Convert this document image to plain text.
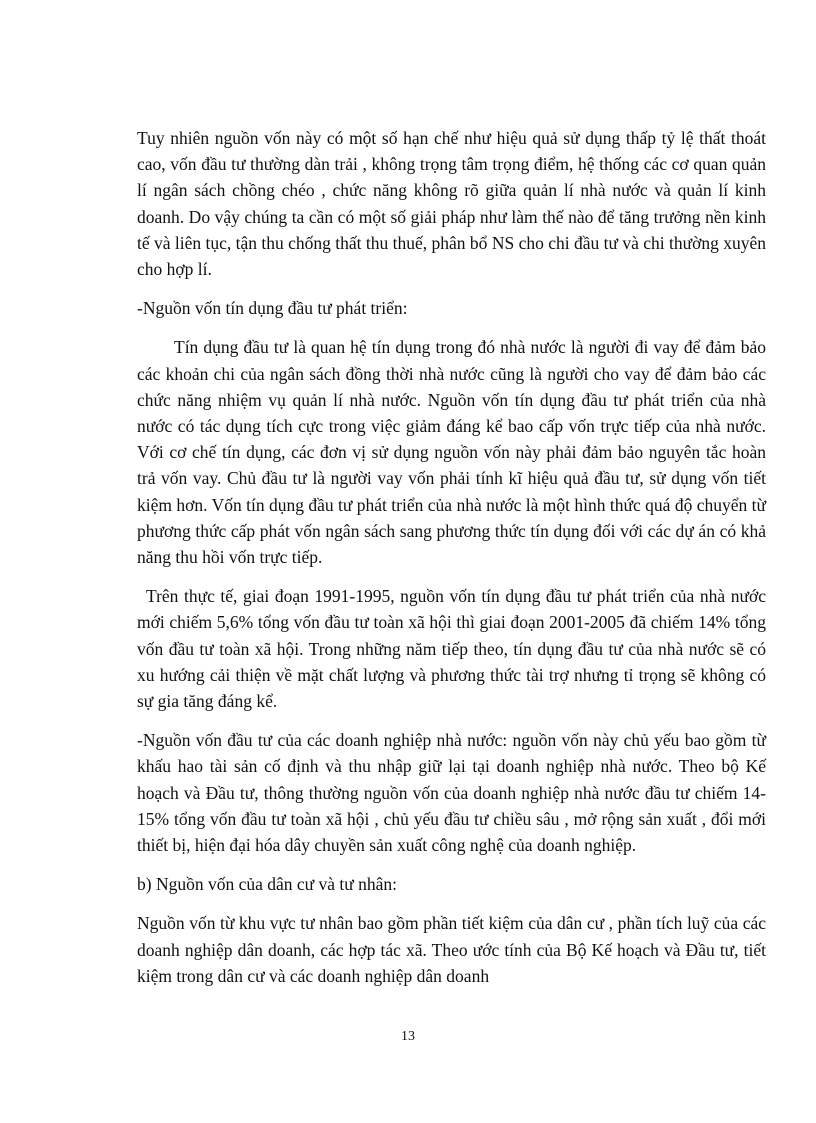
Tuy nhiên nguồn vốn này có một số hạn chế như hiệu quả sử dụng thấp tỷ lệ thất thoát cao, vốn đầu tư thường dàn trải , không trọng tâm trọng điểm, hệ thống các cơ quan quản lí ngân sách chồng chéo , chức năng không rõ giữa quản lí nhà nước và quản lí kinh doanh. Do vậy chúng ta cần có một số giải pháp như làm thế nào để tăng trưởng nền kinh tế và liên tục, tận thu chống thất thu thuế, phân bổ NS cho chi đầu tư và chi thường xuyên cho hợp lí.

-Nguồn vốn tín dụng đầu tư phát triển:

Tín dụng đầu tư là quan hệ tín dụng trong đó nhà nước là người đi vay để đảm bảo các khoản chi của ngân sách đồng thời nhà nước cũng là người cho vay để đảm bảo các chức năng nhiệm vụ quản lí nhà nước. Nguồn vốn tín dụng đầu tư phát triển của nhà nước có tác dụng tích cực trong việc giảm đáng kể bao cấp vốn trực tiếp của nhà nước. Với cơ chế tín dụng, các đơn vị sử dụng nguồn vốn này phải đảm bảo nguyên tắc hoàn trả vốn vay. Chủ đầu tư là người vay vốn phải tính kĩ hiệu quả đầu tư, sử dụng vốn tiết kiệm hơn. Vốn tín dụng đầu tư phát triển của nhà nước là một hình thức quá độ chuyển từ phương thức cấp phát vốn ngân sách sang phương thức tín dụng đối với các dự án có khả năng thu hồi vốn trực tiếp.

Trên thực tế, giai đoạn 1991-1995, nguồn vốn tín dụng đầu tư phát triển của nhà nước mới chiếm 5,6% tổng vốn đầu tư toàn xã hội thì giai đoạn 2001-2005 đã chiếm 14% tổng vốn đầu tư toàn xã hội. Trong những năm tiếp theo, tín dụng đầu tư của nhà nước sẽ có xu hướng cải thiện về mặt chất lượng và phương thức tài trợ nhưng tỉ trọng sẽ không có sự gia tăng đáng kể.

-Nguồn vốn đầu tư của các doanh nghiệp nhà nước: nguồn vốn này chủ yếu bao gồm từ khấu hao tài sản cố định và thu nhập giữ lại tại doanh nghiệp nhà nước. Theo bộ Kế hoạch và Đầu tư, thông thường nguồn vốn của doanh nghiệp nhà nước đầu tư chiếm 14-15% tổng vốn đầu tư toàn xã hội , chủ yếu đầu tư chiều sâu , mở rộng sản xuất , đổi mới thiết bị, hiện đại hóa dây chuyền sản xuất công nghệ của doanh nghiệp.

b) Nguồn vốn của dân cư và tư nhân:

Nguồn vốn từ khu vực tư nhân bao gồm phần tiết kiệm của dân cư , phần tích luỹ của các doanh nghiệp dân doanh, các hợp tác xã. Theo ước tính của Bộ Kế hoạch và Đầu tư, tiết kiệm trong dân cư và các doanh nghiệp dân doanh

13
